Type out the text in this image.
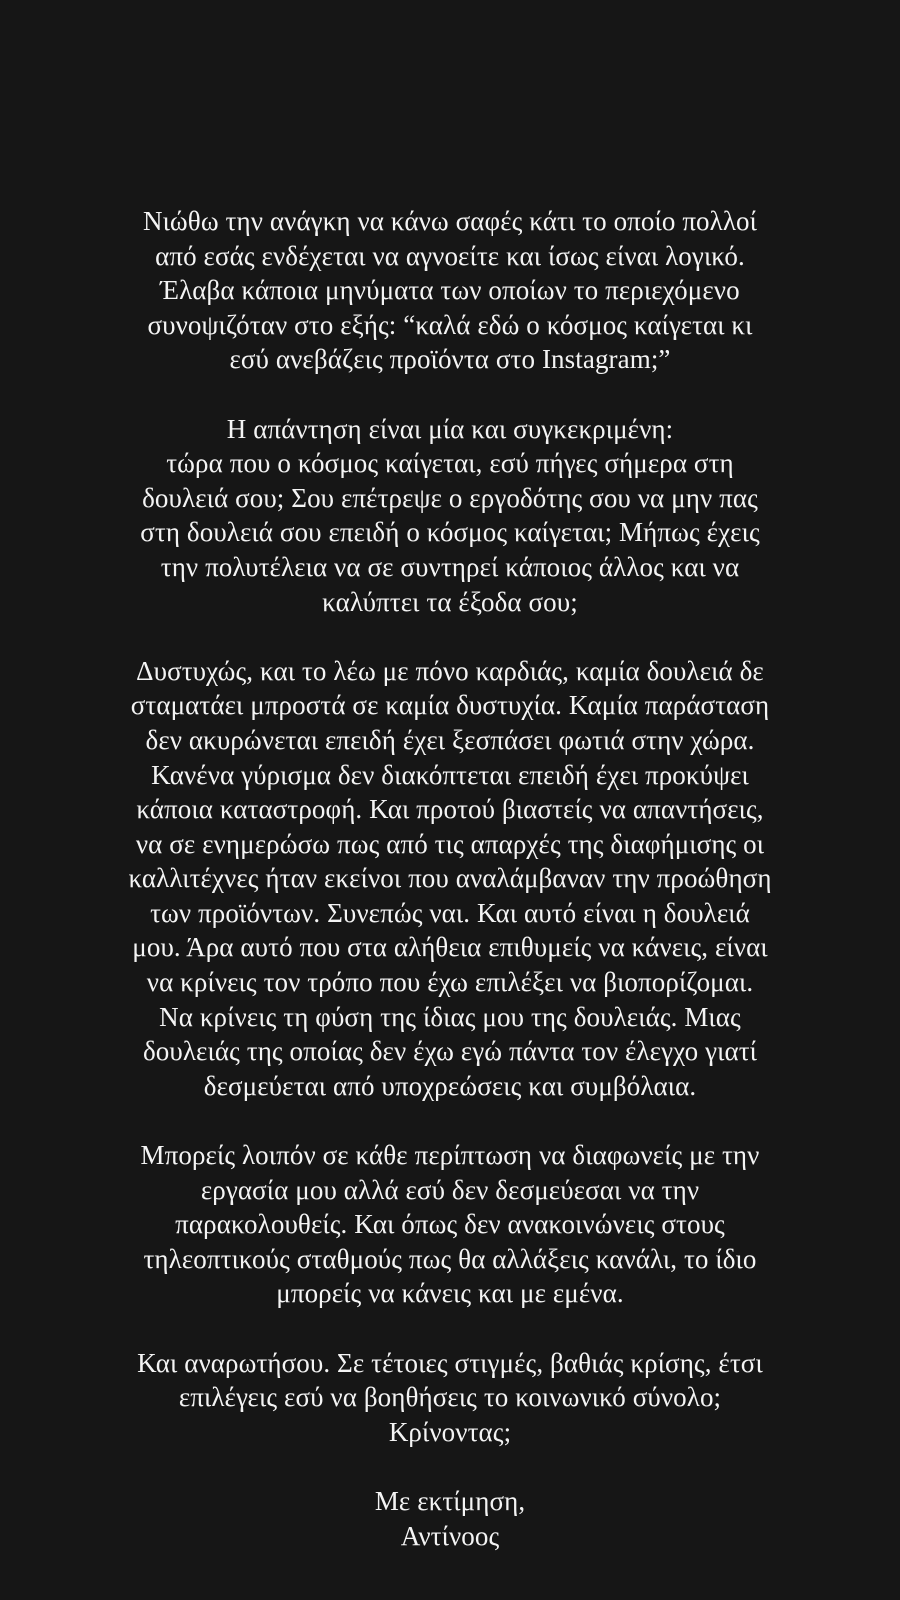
Νιώθω την ανάγκη να κάνω σαφές κάτι το οποίο πολλοί
από εσάς ενδέχεται να αγνοείτε και ίσως είναι λογικό.
Έλαβα κάποια μηνύματα των οποίων το περιεχόμενο
συνοψιζόταν στο εξής: “καλά εδώ ο κόσμος καίγεται κι
εσύ ανεβάζεις προϊόντα στο Instagram;”

Η απάντηση είναι μία και συγκεκριμένη:
τώρα που ο κόσμος καίγεται, εσύ πήγες σήμερα στη
δουλειά σου; Σου επέτρεψε ο εργοδότης σου να μην πας
στη δουλειά σου επειδή ο κόσμος καίγεται; Μήπως έχεις
την πολυτέλεια να σε συντηρεί κάποιος άλλος και να
καλύπτει τα έξοδα σου;

Δυστυχώς, και το λέω με πόνο καρδιάς, καμία δουλειά δε
σταματάει μπροστά σε καμία δυστυχία. Καμία παράσταση
δεν ακυρώνεται επειδή έχει ξεσπάσει φωτιά στην χώρα.
Κανένα γύρισμα δεν διακόπτεται επειδή έχει προκύψει
κάποια καταστροφή. Και προτού βιαστείς να απαντήσεις,
να σε ενημερώσω πως από τις απαρχές της διαφήμισης οι
καλλιτέχνες ήταν εκείνοι που αναλάμβαναν την προώθηση
των προϊόντων. Συνεπώς ναι. Και αυτό είναι η δουλειά
μου. Άρα αυτό που στα αλήθεια επιθυμείς να κάνεις, είναι
να κρίνεις τον τρόπο που έχω επιλέξει να βιοπορίζομαι.
Να κρίνεις τη φύση της ίδιας μου της δουλειάς. Μιας
δουλειάς της οποίας δεν έχω εγώ πάντα τον έλεγχο γιατί
δεσμεύεται από υποχρεώσεις και συμβόλαια.

Μπορείς λοιπόν σε κάθε περίπτωση να διαφωνείς με την
εργασία μου αλλά εσύ δεν δεσμεύεσαι να την
παρακολουθείς. Και όπως δεν ανακοινώνεις στους
τηλεοπτικούς σταθμούς πως θα αλλάξεις κανάλι, το ίδιο
μπορείς να κάνεις και με εμένα.

Και αναρωτήσου. Σε τέτοιες στιγμές, βαθιάς κρίσης, έτσι
επιλέγεις εσύ να βοηθήσεις το κοινωνικό σύνολο;
Κρίνοντας;

Με εκτίμηση,
Αντίνοος
